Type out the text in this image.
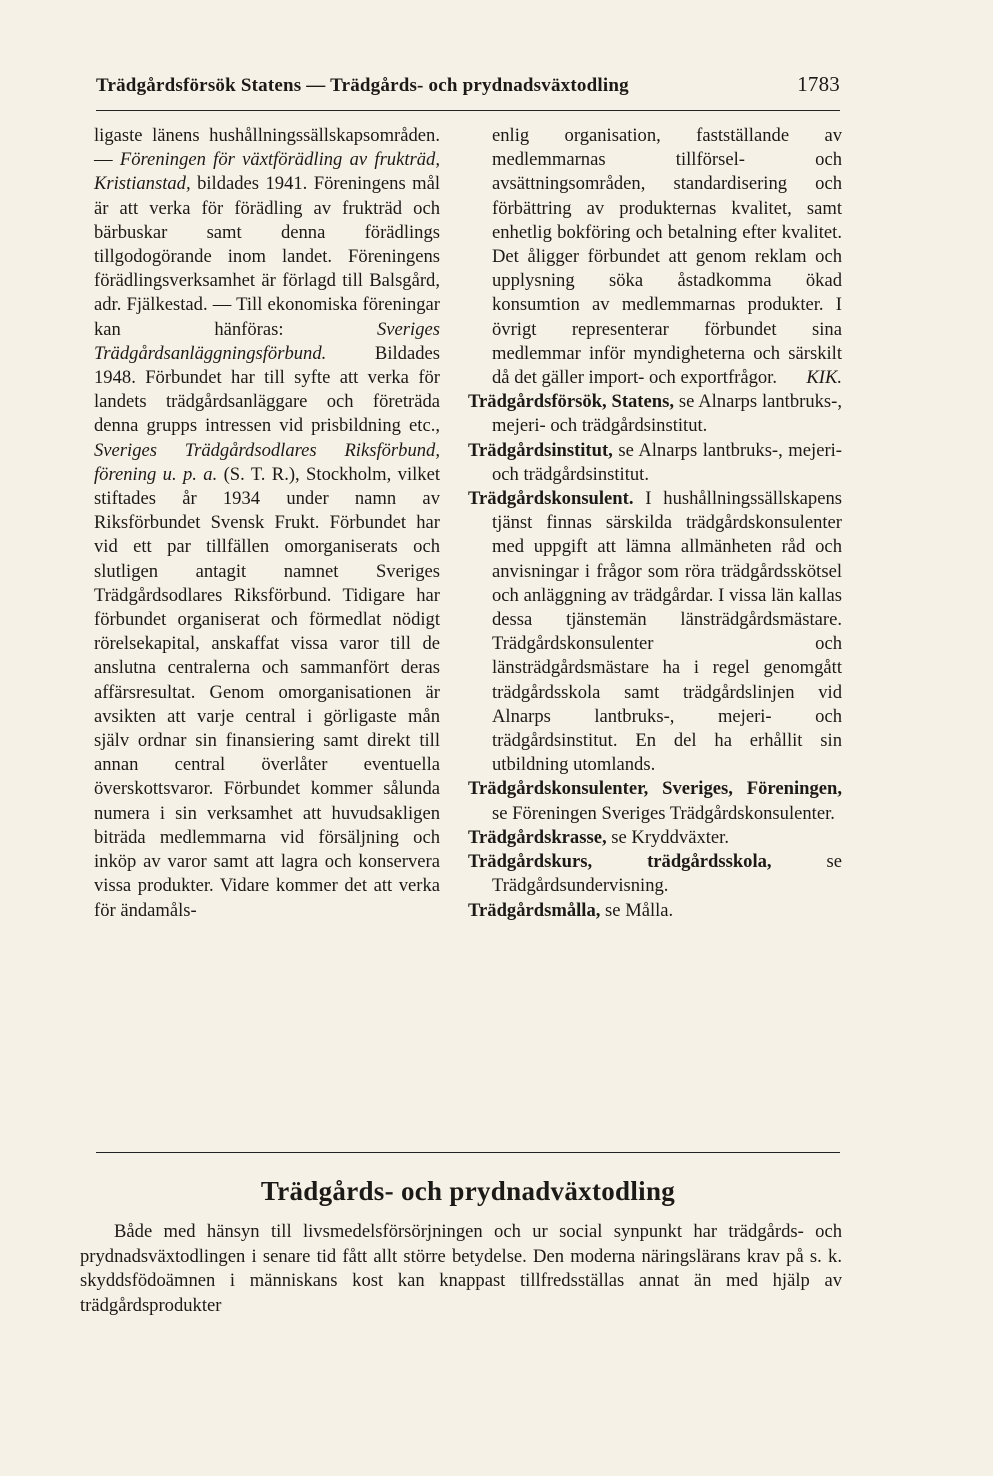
Trädgårdsförsök Statens — Trädgårds- och prydnadsväxtodling	1783

ligaste länens hushållningssällskapsområden. — Föreningen för växtförädling av frukträd, Kristianstad, bildades 1941. Föreningens mål är att verka för förädling av frukträd och bärbuskar samt denna förädlings tillgodogörande inom landet. Föreningens förädlingsverksamhet är förlagd till Balsgård, adr. Fjälkestad. — Till ekonomiska föreningar kan hänföras: Sveriges Trädgårdsanläggningsförbund. Bildades 1948. Förbundet har till syfte att verka för landets trädgårdsanläggare och företräda denna grupps intressen vid prisbildning etc., Sveriges Trädgårdsodlares Riksförbund, förening u. p. a. (S. T. R.), Stockholm, vilket stiftades år 1934 under namn av Riksförbundet Svensk Frukt. Förbundet har vid ett par tillfällen omorganiserats och slutligen antagit namnet Sveriges Trädgårdsodlares Riksförbund. Tidigare har förbundet organiserat och förmedlat nödigt rörelsekapital, anskaffat vissa varor till de anslutna centralerna och sammanfört deras affärsresultat. Genom omorganisationen är avsikten att varje central i görligaste mån själv ordnar sin finansiering samt direkt till annan central överlåter eventuella överskottsvaror. Förbundet kommer sålunda numera i sin verksamhet att huvudsakligen biträda medlemmarna vid försäljning och inköp av varor samt att lagra och konservera vissa produkter. Vidare kommer det att verka för ändamåls-

enlig organisation, fastställande av medlemmarnas tillförsel- och avsättningsområden, standardisering och förbättring av produkternas kvalitet, samt enhetlig bokföring och betalning efter kvalitet. Det åligger förbundet att genom reklam och upplysning söka åstadkomma ökad konsumtion av medlemmarnas produkter. I övrigt representerar förbundet sina medlemmar inför myndigheterna och särskilt då det gäller import- och exportfrågor. KIK.

Trädgårdsförsök, Statens, se Alnarps lantbruks-, mejeri- och trädgårdsinstitut.

Trädgårdsinstitut, se Alnarps lantbruks-, mejeri- och trädgårdsinstitut.

Trädgårdskonsulent. I hushållningssällskapens tjänst finnas särskilda trädgårdskonsulenter med uppgift att lämna allmänheten råd och anvisningar i frågor som röra trädgårdsskötsel och anläggning av trädgårdar. I vissa län kallas dessa tjänstemän länsträdgårdsmästare. Trädgårdskonsulenter och länsträdgårdsmästare ha i regel genomgått trädgårdsskola samt trädgårdslinjen vid Alnarps lantbruks-, mejeri- och trädgårdsinstitut. En del ha erhållit sin utbildning utomlands.

Trädgårdskonsulenter, Sveriges, Föreningen, se Föreningen Sveriges Trädgårdskonsulenter.

Trädgårdskrasse, se Kryddväxter.

Trädgårdskurs, trädgårdsskola, se Trädgårdsundervisning.

Trädgårdsmålla, se Målla.

Trädgårds- och prydnadväxtodling

Både med hänsyn till livsmedelsförsörjningen och ur social synpunkt har trädgårds- och prydnadsväxtodlingen i senare tid fått allt större betydelse. Den moderna näringslärans krav på s. k. skyddsfödoämnen i människans kost kan knappast tillfredsställas annat än med hjälp av trädgårdsprodukter
